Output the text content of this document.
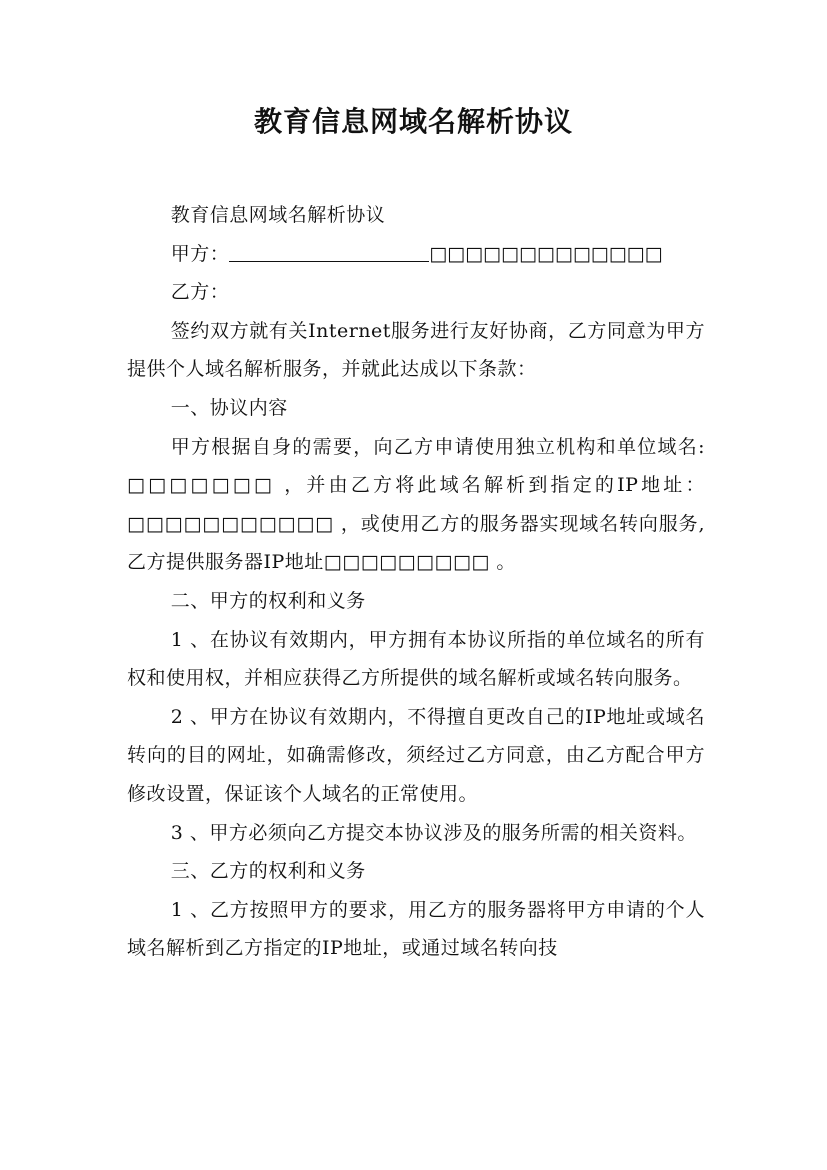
教育信息网域名解析协议

教育信息网域名解析协议

甲方：	□□□□□□□□□□□□□

乙方：

签约双方就有关Internet服务进行友好协商，乙方同意为甲方提供个人域名解析服务，并就此达成以下条款：

一、协议内容

甲方根据自身的需要，向乙方申请使用独立机构和单位域名: □□□□□□□ ，并由乙方将此域名解析到指定的IP地址：□□□□□□□□□□□ ，或使用乙方的服务器实现域名转向服务,乙方提供服务器IP地址□□□□□□□□□ 。

二、甲方的权利和义务

1 、在协议有效期内，甲方拥有本协议所指的单位域名的所有权和使用权，并相应获得乙方所提供的域名解析或域名转向服务。

2 、甲方在协议有效期内，不得擅自更改自己的IP地址或域名转向的目的网址，如确需修改，须经过乙方同意，由乙方配合甲方修改设置，保证该个人域名的正常使用。

3 、甲方必须向乙方提交本协议涉及的服务所需的相关资料。

三、乙方的权利和义务

1 、乙方按照甲方的要求，用乙方的服务器将甲方申请的个人域名解析到乙方指定的IP地址，或通过域名转向技
